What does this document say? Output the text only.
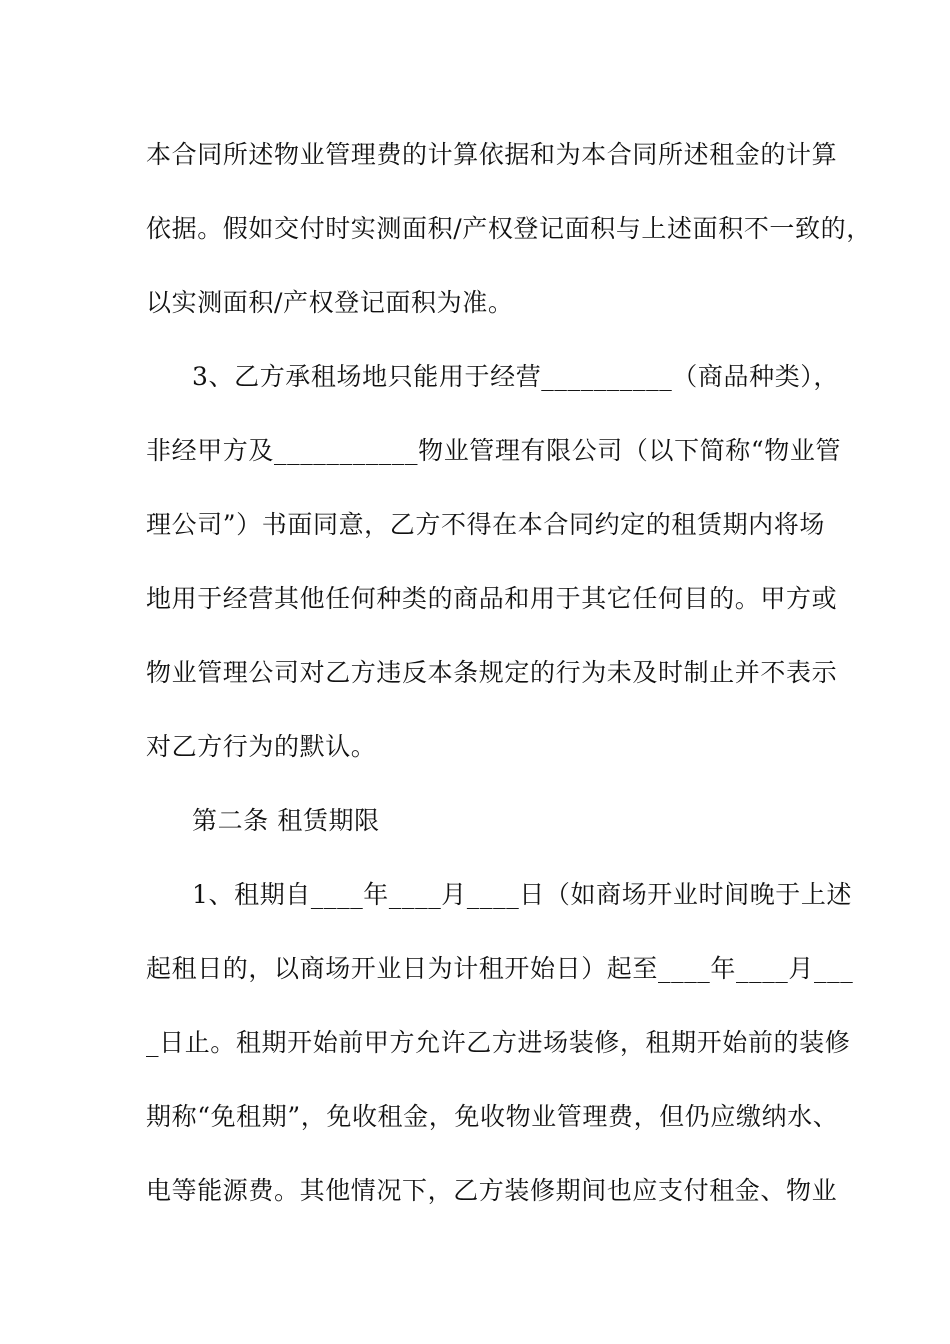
本合同所述物业管理费的计算依据和为本合同所述租金的计算
依据。假如交付时实测面积/产权登记面积与上述面积不一致的，
以实测面积/产权登记面积为准。
3、乙方承租场地只能用于经营__________（商品种类），
非经甲方及___________物业管理有限公司（以下简称“物业管
理公司”）书面同意，乙方不得在本合同约定的租赁期内将场
地用于经营其他任何种类的商品和用于其它任何目的。甲方或
物业管理公司对乙方违反本条规定的行为未及时制止并不表示
对乙方行为的默认。
第二条 租赁期限
1、租期自____年____月____日（如商场开业时间晚于上述
起租日的，以商场开业日为计租开始日）起至____年____月___
_日止。租期开始前甲方允许乙方进场装修，租期开始前的装修
期称“免租期”，免收租金，免收物业管理费，但仍应缴纳水、
电等能源费。其他情况下，乙方装修期间也应支付租金、物业
